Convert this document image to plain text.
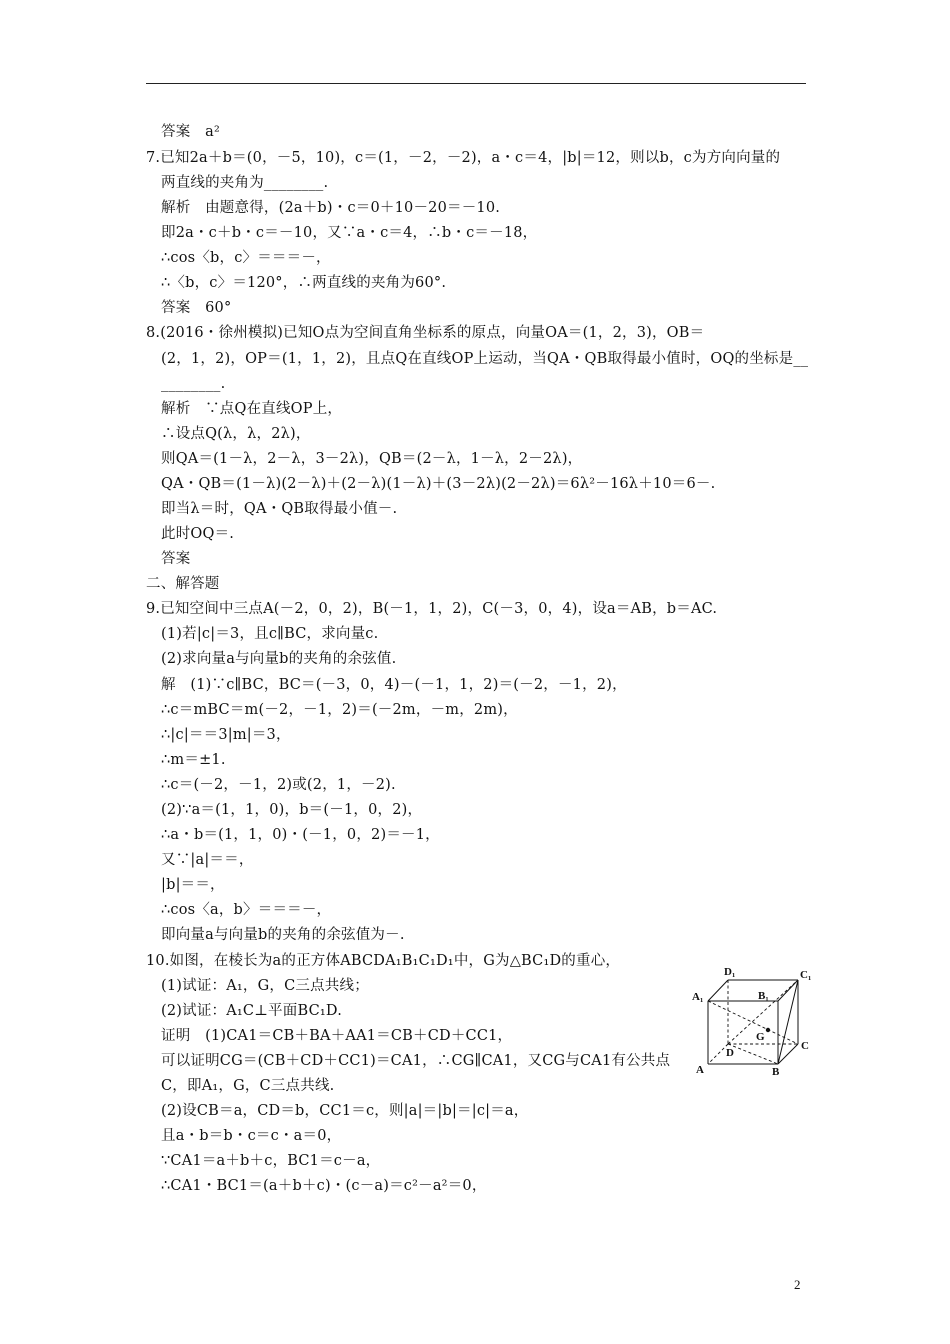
答案　a²
7.已知2a＋b＝(0，－5，10)，c＝(1，－2，－2)，a・c＝4，|b|＝12，则以b，c为方向向量的
两直线的夹角为________.
解析　由题意得，(2a＋b)・c＝0＋10－20＝－10.
即2a・c＋b・c＝－10，又∵a・c＝4，∴b・c＝－18，
∴cos〈b，c〉＝＝＝－，
∴〈b，c〉＝120°，∴两直线的夹角为60°.
答案　60°
8.(2016・徐州模拟)已知O点为空间直角坐标系的原点，向量OA＝(1，2，3)，OB＝
(2，1，2)，OP＝(1，1，2)，且点Q在直线OP上运动，当QA・QB取得最小值时，OQ的坐标是__
________.
解析　∵点Q在直线OP上，
∴设点Q(λ，λ，2λ)，
则QA＝(1－λ，2－λ，3－2λ)，QB＝(2－λ，1－λ，2－2λ)，
QA・QB＝(1－λ)(2－λ)＋(2－λ)(1－λ)＋(3－2λ)(2－2λ)＝6λ²－16λ＋10＝6－.
即当λ＝时，QA・QB取得最小值－.
此时OQ＝.
答案
二、解答题
9.已知空间中三点A(－2，0，2)，B(－1，1，2)，C(－3，0，4)，设a＝AB，b＝AC.
(1)若|c|＝3，且c∥BC，求向量c.
(2)求向量a与向量b的夹角的余弦值.
解　(1)∵c∥BC，BC＝(－3，0，4)－(－1，1，2)＝(－2，－1，2)，
∴c＝mBC＝m(－2，－1，2)＝(－2m，－m，2m)，
∴|c|＝＝3|m|＝3，
∴m＝±1.
∴c＝(－2，－1，2)或(2，1，－2).
(2)∵a＝(1，1，0)，b＝(－1，0，2)，
∴a・b＝(1，1，0)・(－1，0，2)＝－1，
又∵|a|＝＝，
|b|＝＝，
∴cos〈a，b〉＝＝＝－，
即向量a与向量b的夹角的余弦值为－.
10.如图，在棱长为a的正方体ABCDA₁B₁C₁D₁中，G为△BC₁D的重心，
(1)试证：A₁，G，C三点共线；
(2)试证：A₁C⊥平面BC₁D.
证明　(1)CA1＝CB＋BA＋AA1＝CB＋CD＋CC1，
可以证明CG＝(CB＋CD＋CC1)＝CA1，∴CG∥CA1，又CG与CA1有公共点
C，即A₁，G，C三点共线.
(2)设CB＝a，CD＝b，CC1＝c，则|a|＝|b|＝|c|＝a，
且a・b＝b・c＝c・a＝0，
∵CA1＝a＋b＋c，BC1＝c－a，
∴CA1・BC1＝(a＋b＋c)・(c－a)＝c²－a²＝0，
D₁	C₁
A₁	B₁
G
D
C
A	B
2
